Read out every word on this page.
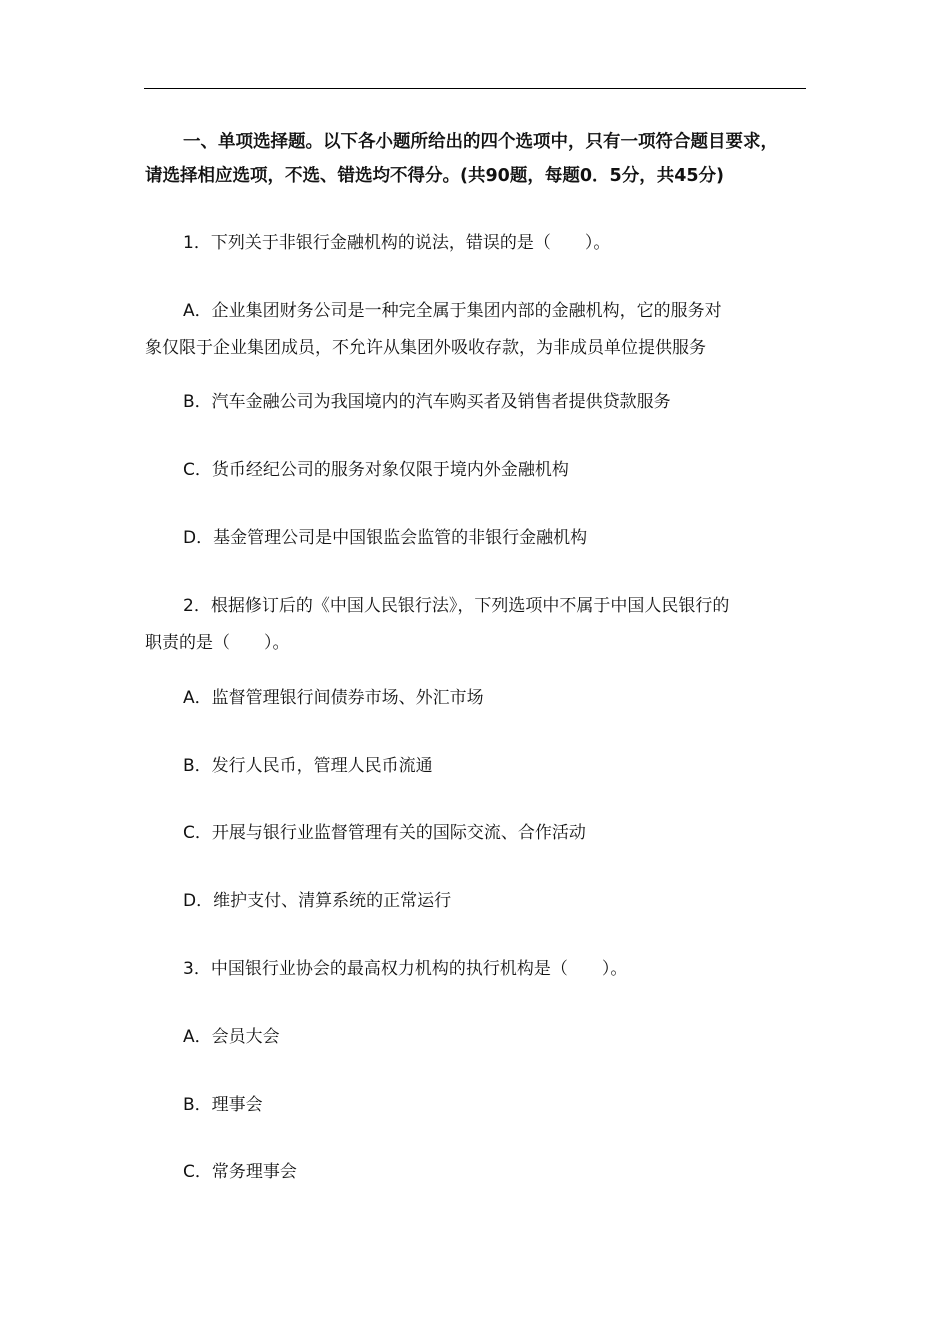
一、单项选择题。以下各小题所给出的四个选项中，只有一项符合题目要求，
请选择相应选项，不选、错选均不得分。(共90题，每题0．5分，共45分)
1．下列关于非银行金融机构的说法，错误的是（　　）。
A．企业集团财务公司是一种完全属于集团内部的金融机构，它的服务对
象仅限于企业集团成员，不允许从集团外吸收存款，为非成员单位提供服务
B．汽车金融公司为我国境内的汽车购买者及销售者提供贷款服务
C．货币经纪公司的服务对象仅限于境内外金融机构
D．基金管理公司是中国银监会监管的非银行金融机构
2．根据修订后的《中国人民银行法》，下列选项中不属于中国人民银行的
职责的是（　　）。
A．监督管理银行间债券市场、外汇市场
B．发行人民币，管理人民币流通
C．开展与银行业监督管理有关的国际交流、合作活动
D．维护支付、清算系统的正常运行
3．中国银行业协会的最高权力机构的执行机构是（　　）。
A．会员大会
B．理事会
C．常务理事会
